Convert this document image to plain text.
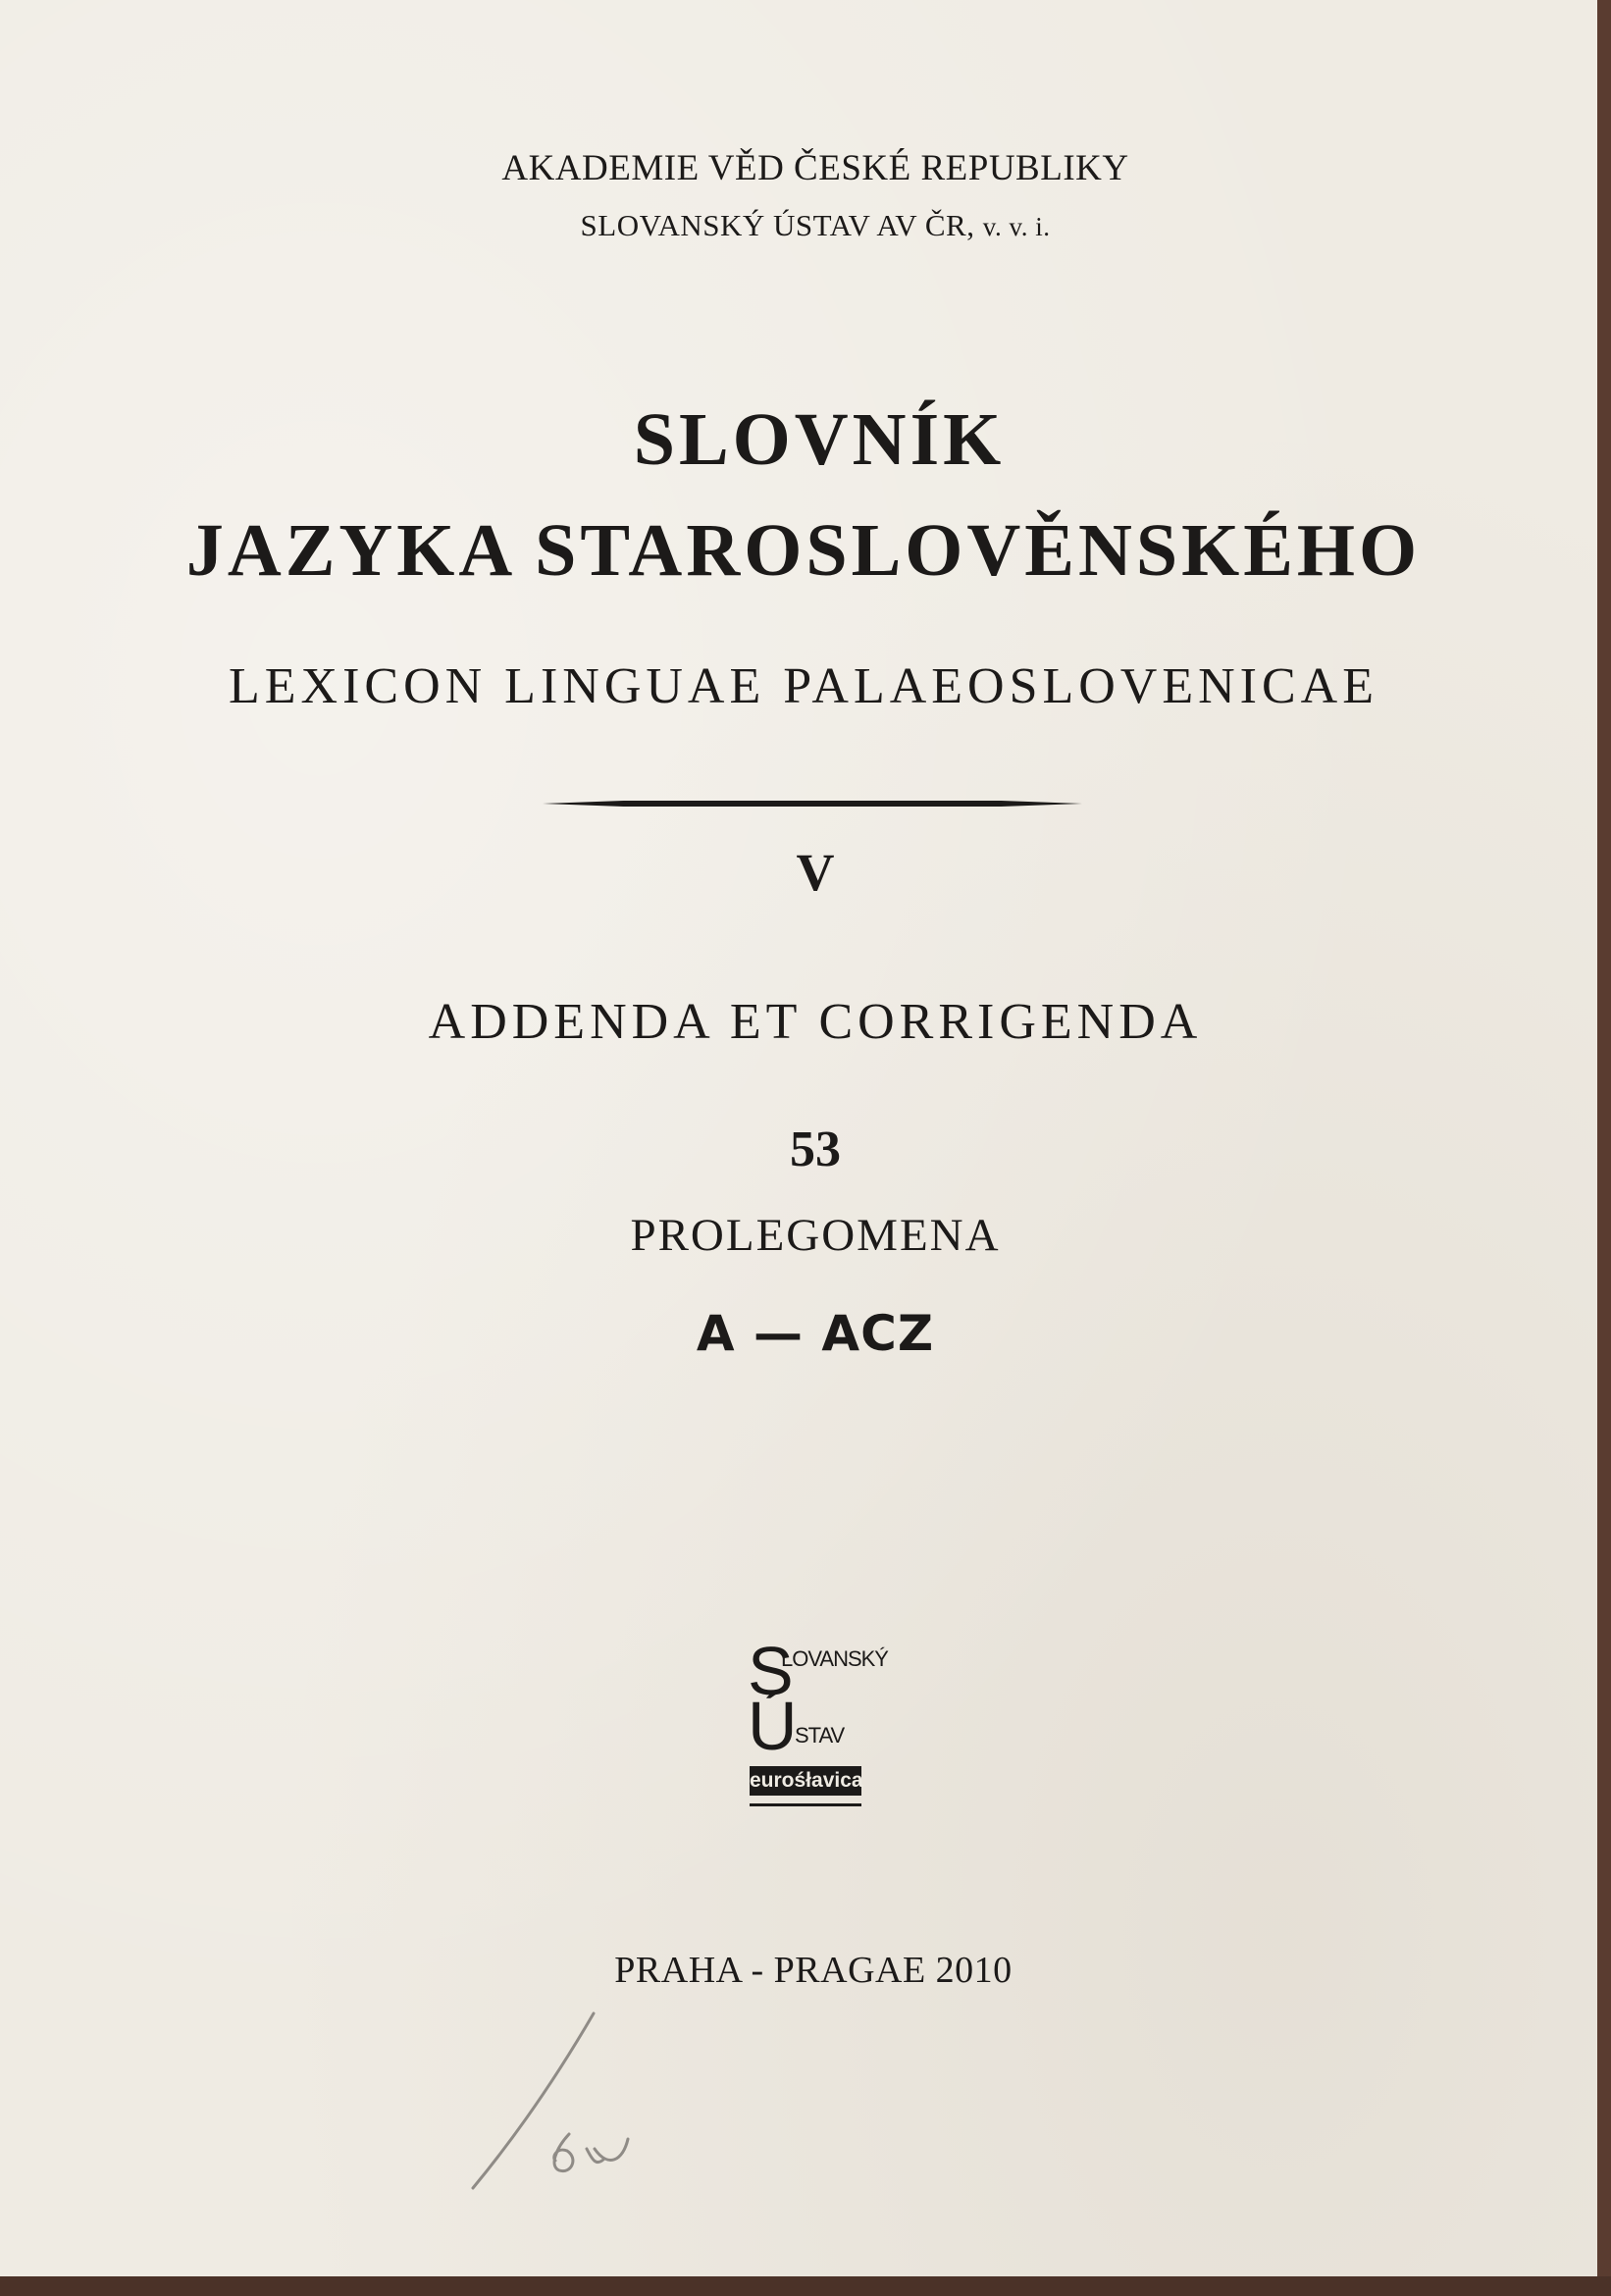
AKADEMIE VĚD ČESKÉ REPUBLIKY
SLOVANSKÝ ÚSTAV AV ČR, v. v. i.
SLOVNÍK
JAZYKA STAROSLOVĚNSKÉHO
LEXICON LINGUAE PALAEOSLOVENICAE
V
ADDENDA ET CORRIGENDA
53
PROLEGOMENA
A — ACZ
S
LOVANSKÝ
Ú
STAV
eurośłavica
PRAHA - PRAGAE 2010
